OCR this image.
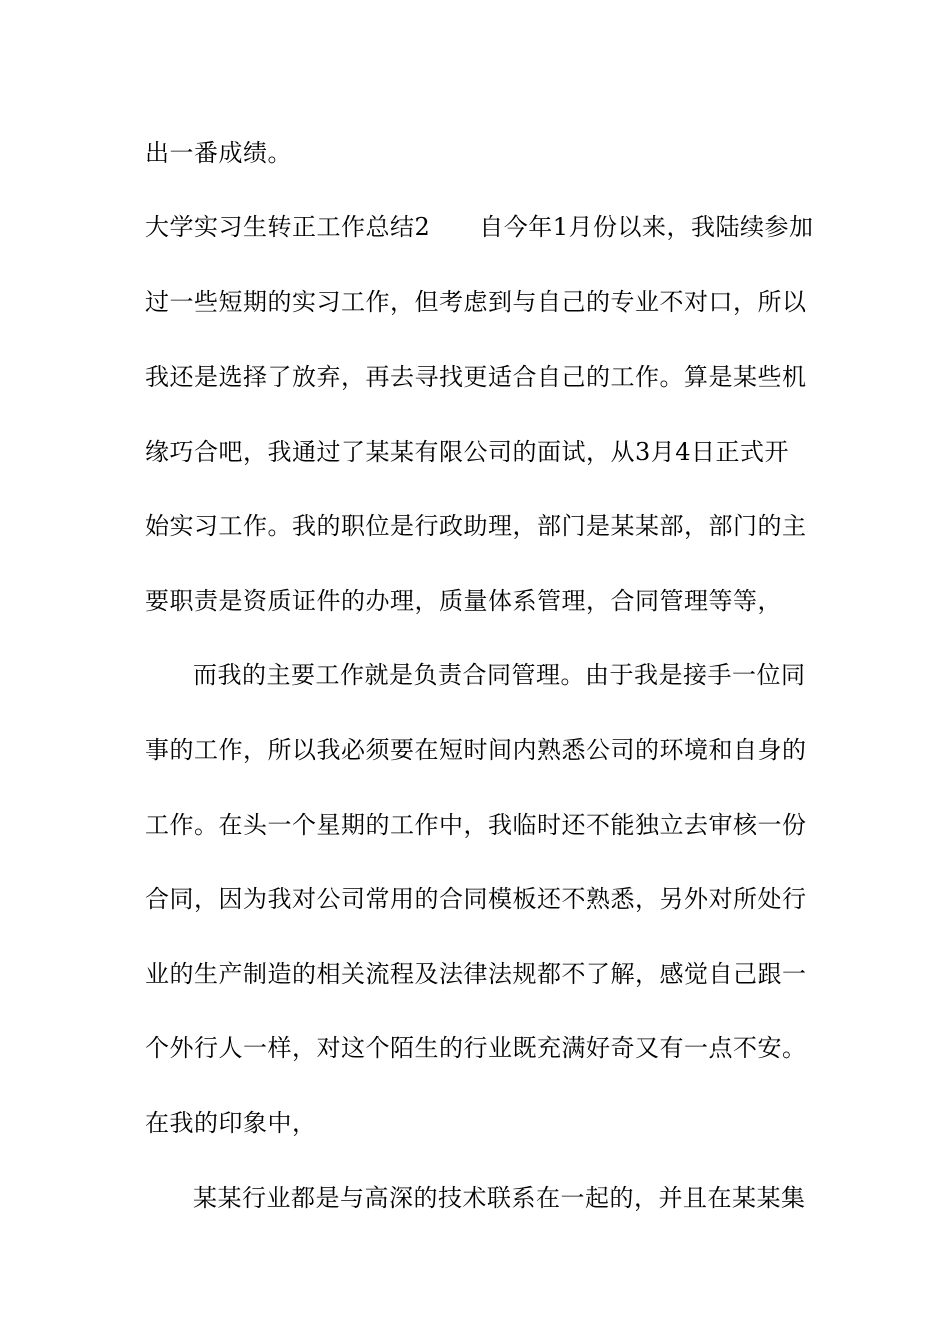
出一番成绩。
大学实习生转正工作总结2　　自今年1月份以来，我陆续参加
过一些短期的实习工作，但考虑到与自己的专业不对口，所以
我还是选择了放弃，再去寻找更适合自己的工作。算是某些机
缘巧合吧，我通过了某某有限公司的面试，从3月4日正式开
始实习工作。我的职位是行政助理，部门是某某部，部门的主
要职责是资质证件的办理，质量体系管理，合同管理等等，
而我的主要工作就是负责合同管理。由于我是接手一位同
事的工作，所以我必须要在短时间内熟悉公司的环境和自身的
工作。在头一个星期的工作中，我临时还不能独立去审核一份
合同，因为我对公司常用的合同模板还不熟悉，另外对所处行
业的生产制造的相关流程及法律法规都不了解，感觉自己跟一
个外行人一样，对这个陌生的行业既充满好奇又有一点不安。
在我的印象中，
某某行业都是与高深的技术联系在一起的，并且在某某集
